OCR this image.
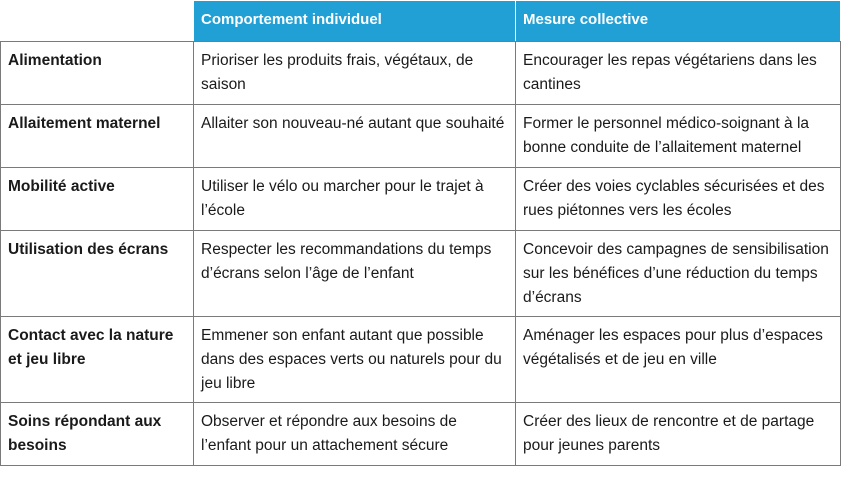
	Comportement individuel	Mesure collective
Alimentation	Prioriser les produits frais, végétaux, de saison	Encourager les repas végétariens dans les cantines
Allaitement maternel	Allaiter son nouveau-né autant que souhaité	Former le personnel médico-soignant à la bonne conduite de l’allaitement maternel
Mobilité active	Utiliser le vélo ou marcher pour le trajet à l’école	Créer des voies cyclables sécurisées et des rues piétonnes vers les écoles
Utilisation des écrans	Respecter les recommandations du temps d’écrans selon l’âge de l’enfant	Concevoir des campagnes de sensibilisation sur les bénéfices d’une réduction du temps d’écrans
Contact avec la nature et jeu libre	Emmener son enfant autant que possible dans des espaces verts ou naturels pour du jeu libre	Aménager les espaces pour plus d’espaces végétalisés et de jeu en ville
Soins répondant aux besoins	Observer et répondre aux besoins de l’enfant pour un attachement sécure	Créer des lieux de rencontre et de partage pour jeunes parents
